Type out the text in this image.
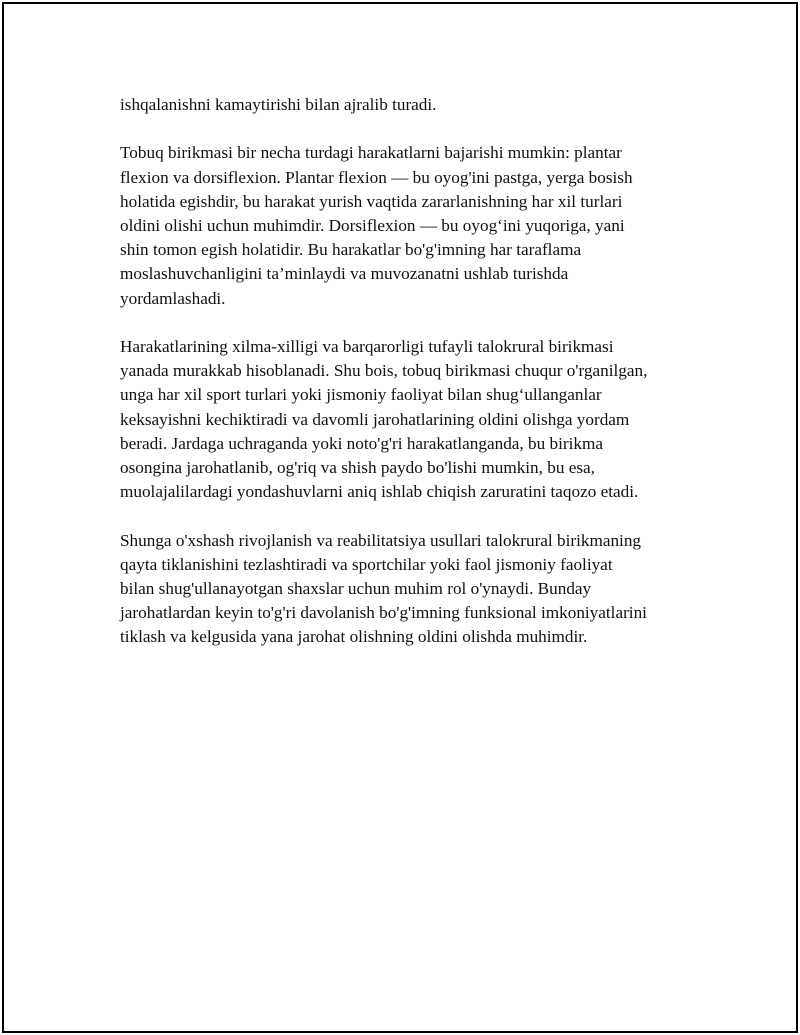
ishqalanishni kamaytirishi bilan ajralib turadi.

Tobuq birikmasi bir necha turdagi harakatlarni bajarishi mumkin: plantar
flexion va dorsiflexion. Plantar flexion — bu oyog'ini pastga, yerga bosish
holatida egishdir, bu harakat yurish vaqtida zararlanishning har xil turlari
oldini olishi uchun muhimdir. Dorsiflexion — bu oyog‘ini yuqoriga, yani
shin tomon egish holatidir. Bu harakatlar bo'g'imning har taraflama
moslashuvchanligini ta’minlaydi va muvozanatni ushlab turishda
yordamlashadi.

Harakatlarining xilma-xilligi va barqarorligi tufayli talokrural birikmasi
yanada murakkab hisoblanadi. Shu bois, tobuq birikmasi chuqur o'rganilgan,
unga har xil sport turlari yoki jismoniy faoliyat bilan shug‘ullanganlar
keksayishni kechiktiradi va davomli jarohatlarining oldini olishga yordam
beradi. Jardaga uchraganda yoki noto'g'ri harakatlanganda, bu birikma
osongina jarohatlanib, og'riq va shish paydo bo'lishi mumkin, bu esa,
muolajalilardagi yondashuvlarni aniq ishlab chiqish zaruratini taqozo etadi.

Shunga o'xshash rivojlanish va reabilitatsiya usullari talokrural birikmaning
qayta tiklanishini tezlashtiradi va sportchilar yoki faol jismoniy faoliyat
bilan shug'ullanayotgan shaxslar uchun muhim rol o'ynaydi. Bunday
jarohatlardan keyin to'g'ri davolanish bo'g'imning funksional imkoniyatlarini
tiklash va kelgusida yana jarohat olishning oldini olishda muhimdir.
